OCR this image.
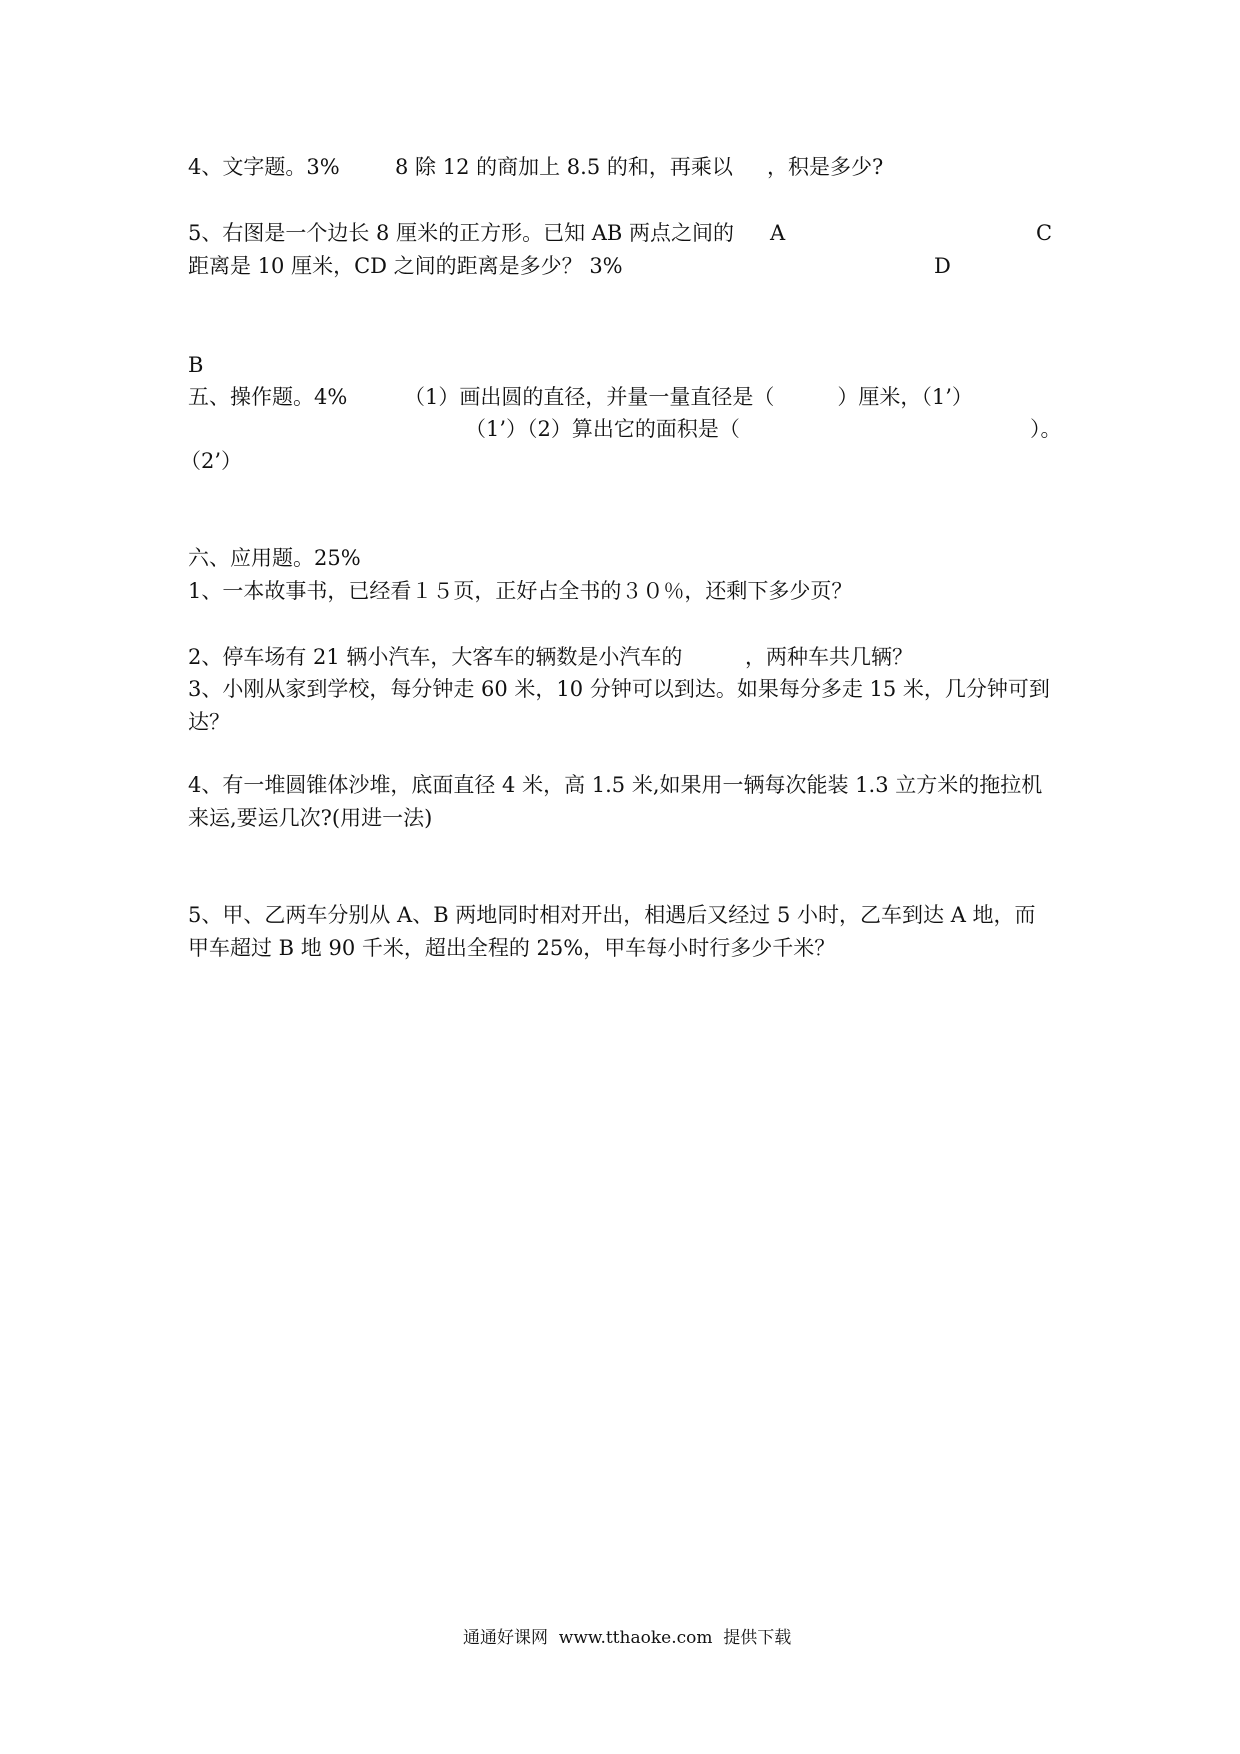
4、文字题。3%	8 除 12 的商加上 8.5 的和，再乘以 ，积是多少?
5、右图是一个边长 8 厘米的正方形。已知 AB 两点之间的 A	C
距离是 10 厘米，CD 之间的距离是多少？ 3%	D
B
五、操作题。4%	（1）画出圆的直径，并量一量直径是（　　　）厘米，（1’）
（1’）（2）算出它的面积是（	）。
（2’）
六、应用题。25%
1、一本故事书，已经看１５页，正好占全书的３０％，还剩下多少页？
2、停车场有 21 辆小汽车，大客车的辆数是小汽车的	，两种车共几辆？
3、小刚从家到学校，每分钟走 60 米，10 分钟可以到达。如果每分多走 15 米，几分钟可到
达？
4、有一堆圆锥体沙堆，底面直径 4 米，高 1.5 米,如果用一辆每次能装 1.3 立方米的拖拉机
来运,要运几次?(用进一法)
5、甲、乙两车分别从 A、B 两地同时相对开出，相遇后又经过 5 小时，乙车到达 A 地，而
甲车超过 B 地 90 千米，超出全程的 25%，甲车每小时行多少千米？
通通好课网  www.tthaoke.com  提供下载
